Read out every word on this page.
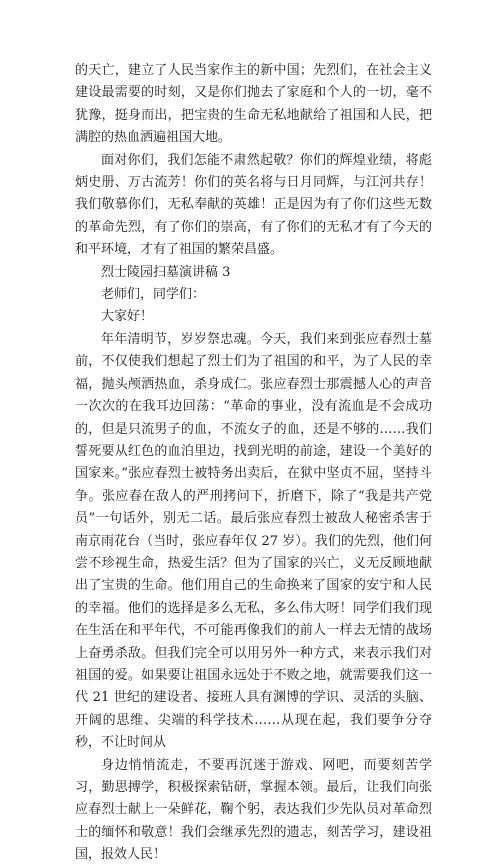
的天亡，建立了人民当家作主的新中国；先烈们，在社会主义建设最需要的时刻，又是你们抛去了家庭和个人的一切，毫不犹豫，挺身而出，把宝贵的生命无私地献给了祖国和人民，把满腔的热血洒遍祖国大地。

面对你们，我们怎能不肃然起敬？你们的辉煌业绩，将彪炳史册、万古流芳！你们的英名将与日月同辉，与江河共存！我们敬慕你们，无私奉献的英雄！正是因为有了你们这些无数的革命先烈，有了你们的崇高，有了你们的无私才有了今天的和平环境，才有了祖国的繁荣昌盛。

烈士陵园扫墓演讲稿 3

老师们，同学们：

大家好！

年年清明节，岁岁祭忠魂。今天，我们来到张应春烈士墓前，不仅使我们想起了烈士们为了祖国的和平，为了人民的幸福，抛头颅洒热血，杀身成仁。张应春烈士那震撼人心的声音一次次的在我耳边回荡：“革命的事业，没有流血是不会成功的，但是只流男子的血，不流女子的血，还是不够的……我们誓死要从红色的血泊里边，找到光明的前途，建设一个美好的国家来。”张应春烈士被特务出卖后，在狱中坚贞不屈，坚持斗争。张应春在敌人的严刑拷问下，折磨下，除了“我是共产党员”一句话外，别无二话。最后张应春烈士被敌人秘密杀害于南京雨花台（当时，张应春年仅 27 岁）。我们的先烈，他们何尝不珍视生命，热爱生活？但为了国家的兴亡，义无反顾地献出了宝贵的生命。他们用自己的生命换来了国家的安宁和人民的幸福。他们的选择是多么无私，多么伟大呀！同学们我们现在生活在和平年代，不可能再像我们的前人一样去无情的战场上奋勇杀敌。但我们完全可以用另外一种方式，来表示我们对祖国的爱。如果要让祖国永远处于不败之地，就需要我们这一代 21 世纪的建设者、接班人具有渊博的学识、灵活的头脑、开阔的思维、尖端的科学技术……从现在起，我们要争分夺秒，不让时间从

身边悄悄流走，不要再沉迷于游戏、网吧，而要刻苦学习，勤思搏学，积极探索钻研，掌握本领。最后，让我们向张应春烈士献上一朵鲜花，鞠个躬，表达我们少先队员对革命烈士的缅怀和敬意！我们会继承先烈的遗志，刻苦学习，建设祖国，报效人民！
